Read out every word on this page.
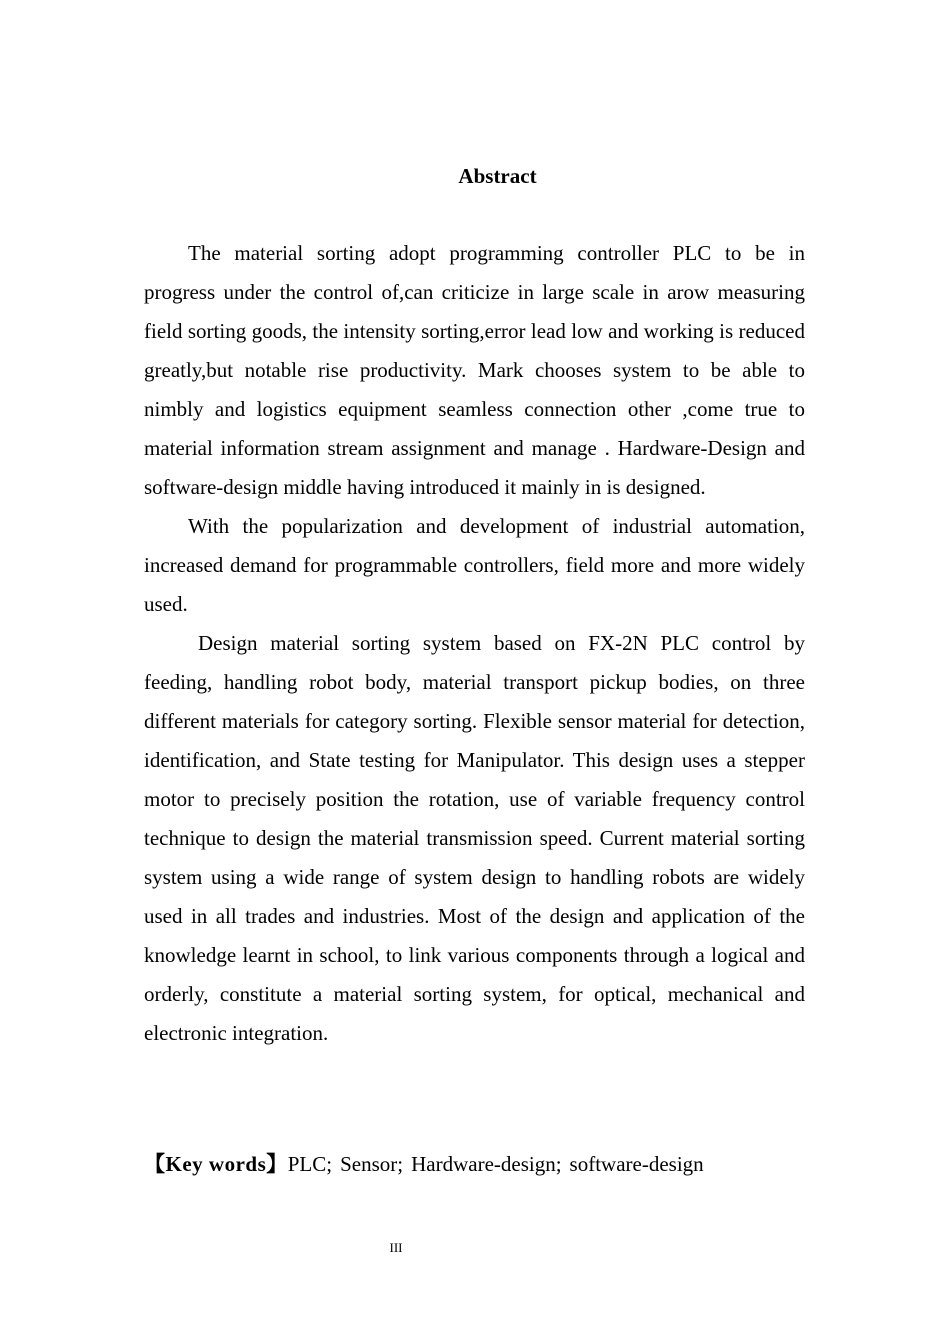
Abstract

The material sorting adopt programming controller PLC to be in progress under the control of,can criticize in large scale in arow measuring field sorting goods, the intensity sorting,error lead low and working is reduced greatly,but notable rise productivity. Mark chooses system to be able to nimbly and logistics equipment seamless connection other ,come true to material information stream assignment and manage . Hardware-Design and software-design middle having introduced it mainly in is designed.

With the popularization and development of industrial automation, increased demand for programmable controllers, field more and more widely used.

Design material sorting system based on FX-2N PLC control by feeding, handling robot body, material transport pickup bodies, on three different materials for category sorting. Flexible sensor material for detection, identification, and State testing for Manipulator. This design uses a stepper motor to precisely position the rotation, use of variable frequency control technique to design the material transmission speed. Current material sorting system using a wide range of system design to handling robots are widely used in all trades and industries. Most of the design and application of the knowledge learnt in school, to link various components through a logical and orderly, constitute a material sorting system, for optical, mechanical and electronic integration.

【Key words】PLC; Sensor; Hardware-design; software-design
III
